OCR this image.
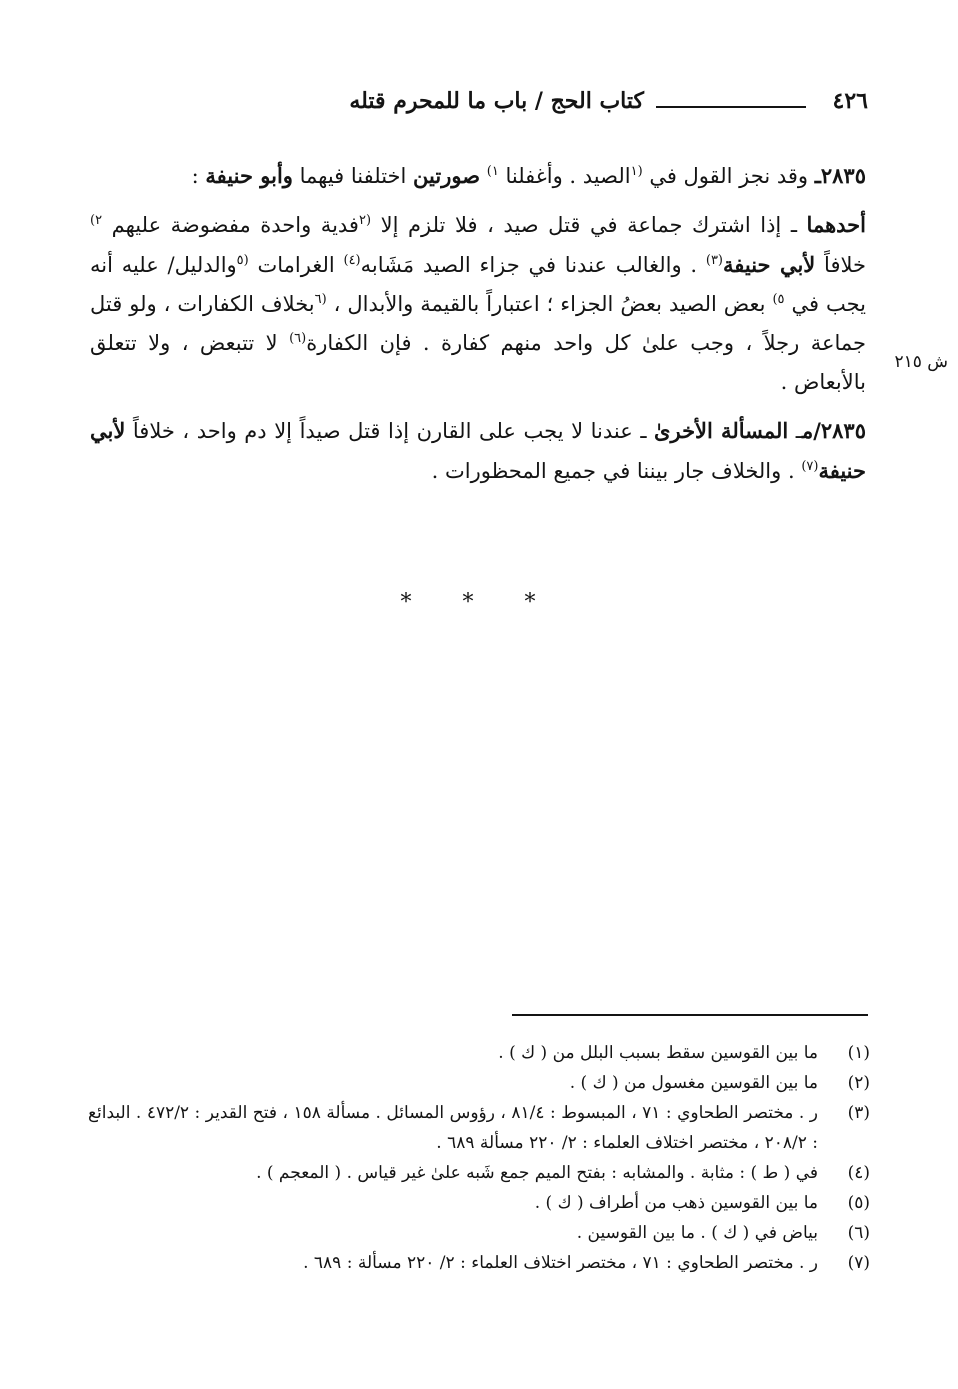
٤٢٦
كتاب الحج / باب ما للمحرم قتله
ش ٢١٥

٢٨٣٥ـ وقد نجز القول في $^{(١}$الصيد . وأغفلنا $^{١)}$ صورتين اختلفنا فيهما وأبو حنيفة :

أحدهما ـ إذا اشترك جماعة في قتل صيد ، فلا تلزم إلا $^{(٢}$فدية واحدة مفضوضة عليهم $^{٢)}$ خلافاً لأبي حنيفة$^{(٣)}$ . والغالب عندنا في جزاء الصيد مَشَابه$^{(٤)}$ الغرامات $^{(٥}$والدليل/ عليه أنه يجب في $^{٥)}$ بعض الصيد بعضُ الجزاء ؛ اعتباراً بالقيمة والأبدال ، $^{(٦}$بخلاف الكفارات ، ولو قتل جماعة رجلاً ، وجب علىٰ كل واحد منهم كفارة . فإن الكفارة$^{(٦)}$ لا تتبعض ، ولا تتعلق بالأبعاض .

٢٨٣٥/مـ المسألة الأخرىٰ ـ عندنا لا يجب على القارن إذا قتل صيداً إلا دم واحد ، خلافاً لأبي حنيفة$^{(٧)}$ . والخلاف جار بيننا في جميع المحظورات .

* * *
(١)
ما بين القوسين سقط بسبب البلل من ( ك ) .
(٢)
ما بين القوسين مغسول من ( ك ) .
(٣)
ر . مختصر الطحاوي : ٧١ ، المبسوط : ٨١/٤ ، رؤوس المسائل . مسألة ١٥٨ ، فتح القدير : ٤٧٢/٢ . البدائع : ٢٠٨/٢ ، مختصر اختلاف العلماء : ٢/ ٢٢٠ مسألة ٦٨٩ .
(٤)
في ( ط ) : مثابة . والمشابه : بفتح الميم جمع شَبه علىٰ غير قياس . ( المعجم ) .
(٥)
ما بين القوسين ذهب من أطراف ( ك ) .
(٦)
بياض في ( ك ) . ما بين القوسين .
(٧)
ر . مختصر الطحاوي : ٧١ ، مختصر اختلاف العلماء : ٢/ ٢٢٠ مسألة : ٦٨٩ .
